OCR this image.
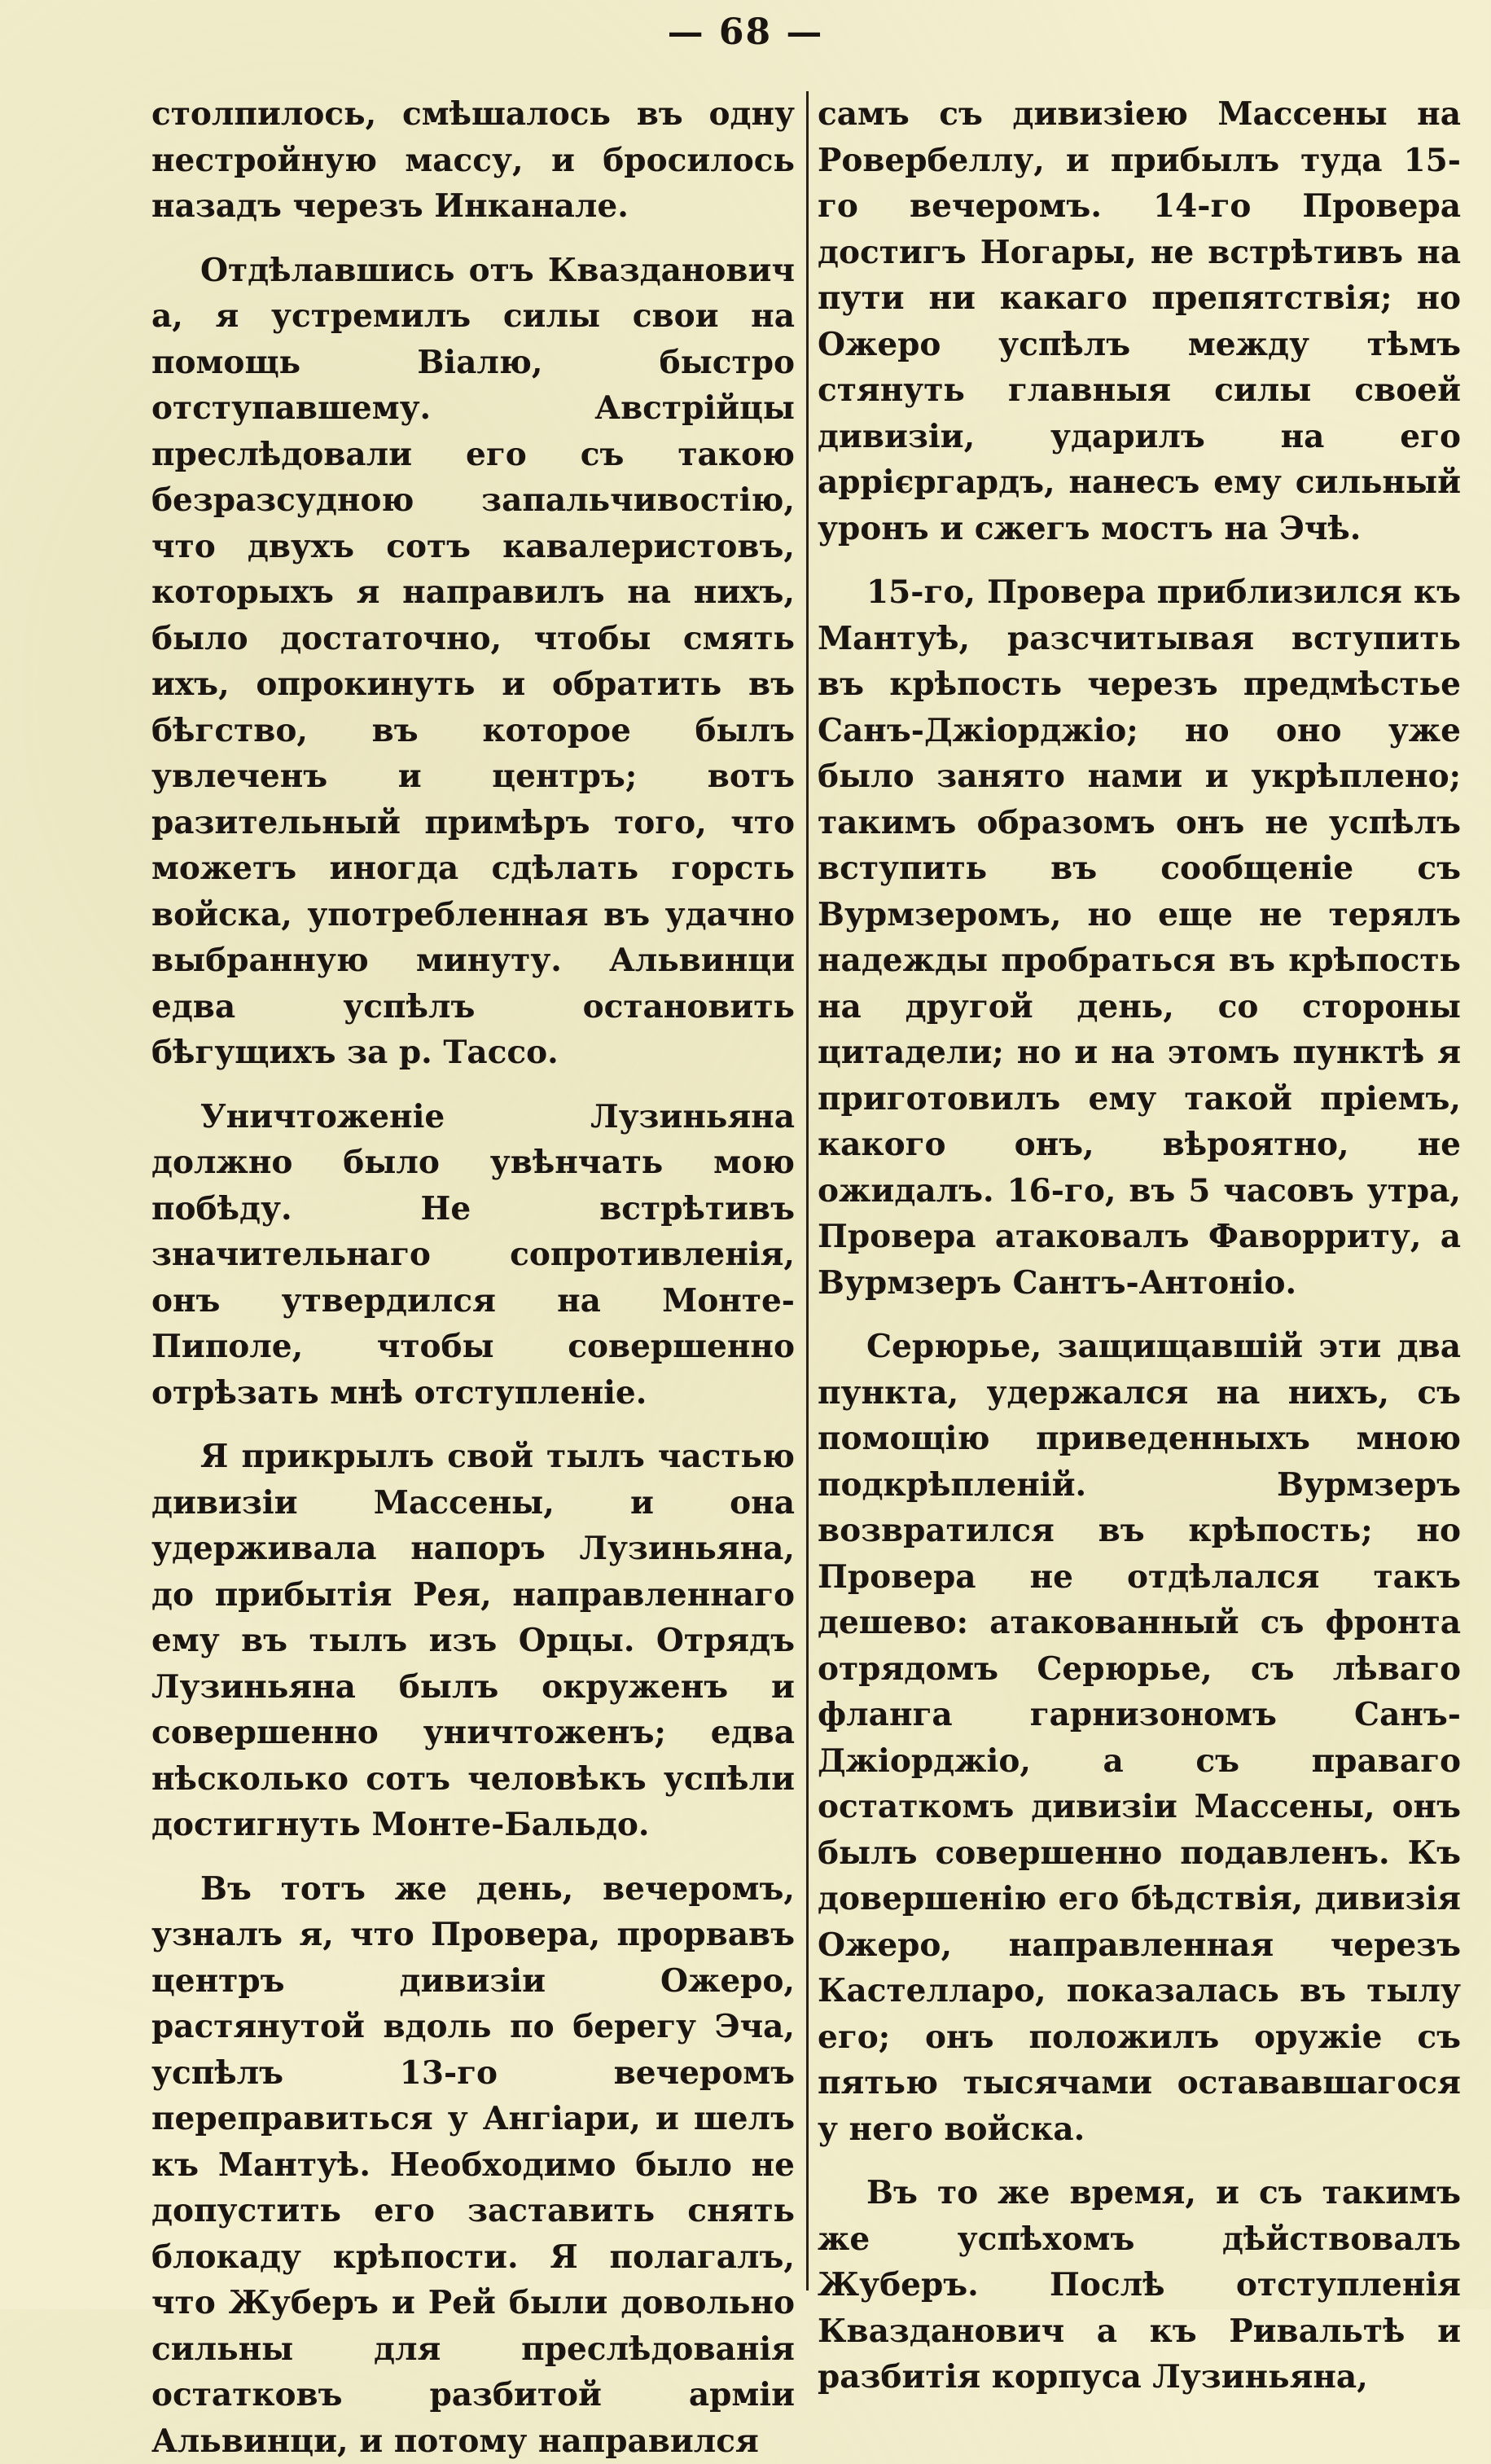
— 68 —

столпилось, смѣшалось въ одну нестройную массу, и бросилось назадъ черезъ Инканале.

Отдѣлавшись отъ Квазданович а, я устремилъ силы свои на помощь Віалю, быстро отступавшему. Австрійцы преслѣдовали его съ такою безразсудною запальчивостію, что двухъ сотъ кавалеристовъ, которыхъ я направилъ на нихъ, было достаточно, чтобы смять ихъ, опрокинуть и обратить въ бѣгство, въ которое былъ увлеченъ и центръ; вотъ разительный примѣръ того, что можетъ иногда сдѣлать горсть войска, употребленная въ удачно выбранную минуту. Альвинци едва успѣлъ остановить бѣгущихъ за р. Тассо.

Уничтоженіе Лузиньяна должно было увѣнчать мою побѣду. Не встрѣтивъ значительнаго сопротивленія, онъ утвердился на Монте-Пиполе, чтобы совершенно отрѣзать мнѣ отступленіе.

Я прикрылъ свой тылъ частью дивизіи Массены, и она удерживала напоръ Лузиньяна, до прибытія Рея, направленнаго ему въ тылъ изъ Орцы. Отрядъ Лузиньяна былъ окруженъ и совершенно уничтоженъ; едва нѣсколько сотъ человѣкъ успѣли достигнуть Монте-Бальдо.

Въ тотъ же день, вечеромъ, узналъ я, что Провера, прорвавъ центръ дивизіи Ожеро, растянутой вдоль по берегу Эча, успѣлъ 13-го вечеромъ переправиться у Ангіари, и шелъ къ Мантуѣ. Необходимо было не допустить его заставить снять блокаду крѣпости. Я полагалъ, что Жуберъ и Рей были довольно сильны для преслѣдованія остатковъ разбитой арміи Альвинци, и потому направился

самъ съ дивизіею Массены на Ровербеллу, и прибылъ туда 15-го вечеромъ. 14-го Провера достигъ Ногары, не встрѣтивъ на пути ни какаго препятствія; но Ожеро успѣлъ между тѣмъ стянуть главныя силы своей дивизіи, ударилъ на его аррієргардъ, нанесъ ему сильный уронъ и сжегъ мостъ на Эчѣ.

15-го, Провера приблизился къ Мантуѣ, разсчитывая вступить въ крѣпость черезъ предмѣстье Санъ-Джіорджіо; но оно уже было занято нами и укрѣплено; такимъ образомъ онъ не успѣлъ вступить въ сообщеніе съ Вурмзеромъ, но еще не терялъ надежды пробраться въ крѣпость на другой день, со стороны цитадели; но и на этомъ пунктѣ я приготовилъ ему такой пріемъ, какого онъ, вѣроятно, не ожидалъ. 16-го, въ 5 часовъ утра, Провера атаковалъ Фаворриту, а Вурмзеръ Сантъ-Антоніо.

Серюрье, защищавшій эти два пункта, удержался на нихъ, съ помощію приведенныхъ мною подкрѣпленій. Вурмзеръ возвратился въ крѣпость; но Провера не отдѣлался такъ дешево: атакованный съ фронта отрядомъ Серюрье, съ лѣваго фланга гарнизономъ Санъ-Джіорджіо, а съ праваго остаткомъ дивизіи Массены, онъ былъ совершенно подавленъ. Къ довершенію его бѣдствія, дивизія Ожеро, направленная черезъ Кастелларо, показалась въ тылу его; онъ положилъ оружіе съ пятью тысячами остававшагося у него войска.

Въ то же время, и съ такимъ же успѣхомъ дѣйствовалъ Жуберъ. Послѣ отступленія Квазданович а къ Ривальтѣ и разбитія корпуса Лузиньяна,
